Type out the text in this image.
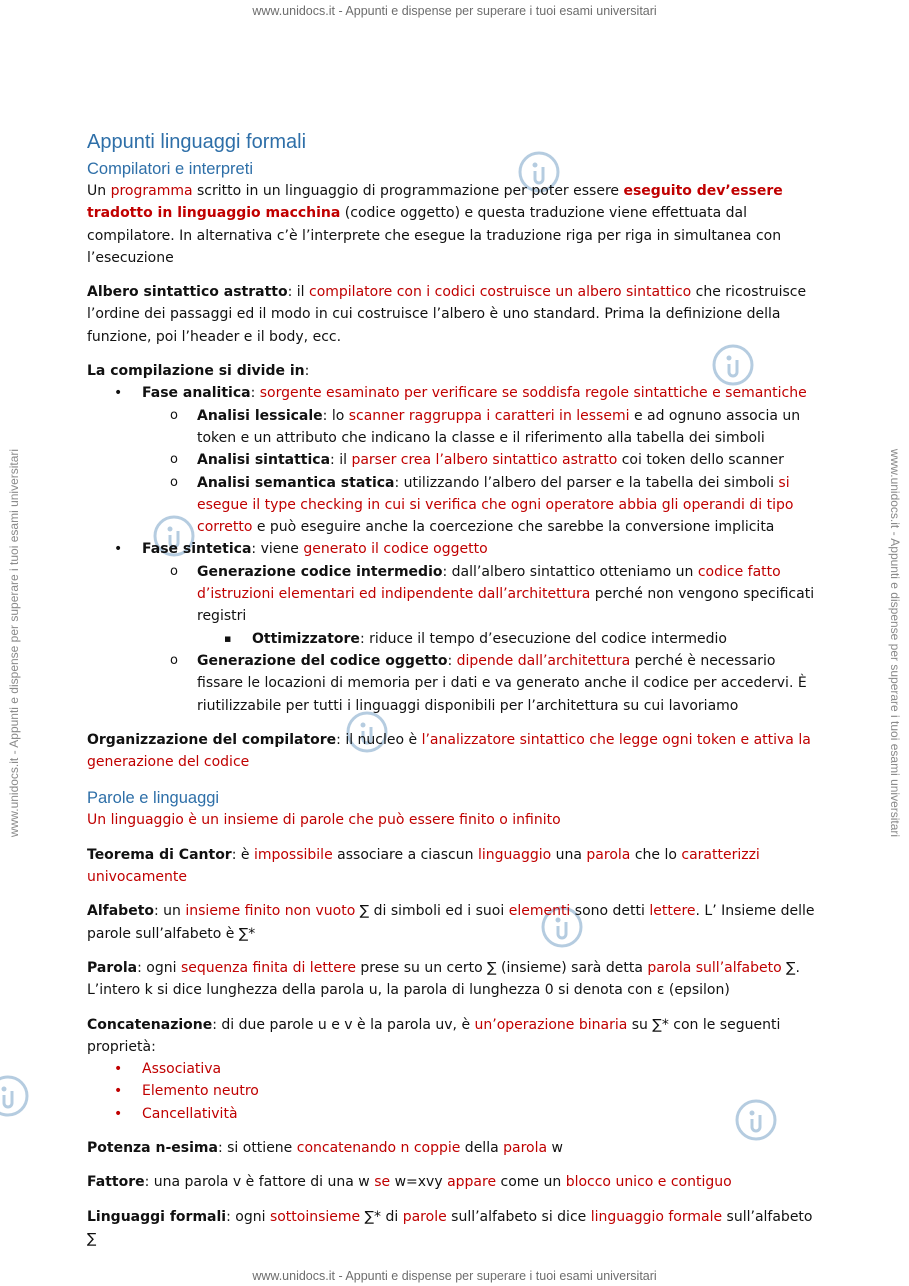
www.unidocs.it - Appunti e dispense per superare i tuoi esami universitari
www.unidocs.it - Appunti e dispense per superare i tuoi esami universitari
www.unidocs.it - Appunti e dispense per superare i tuoi esami universitari	www.unidocs.it - Appunti e dispense per superare i tuoi esami universitari
Appunti linguaggi formali
Compilatori e interpreti

Un programma scritto in un linguaggio di programmazione per poter essere eseguito dev’essere tradotto in linguaggio macchina (codice oggetto) e questa traduzione viene effettuata dal compilatore. In alternativa c’è l’interprete che esegue la traduzione riga per riga in simultanea con l’esecuzione

Albero sintattico astratto: il compilatore con i codici costruisce un albero sintattico che ricostruisce l’ordine dei passaggi ed il modo in cui costruisce l’albero è uno standard. Prima la definizione della funzione, poi l’header e il body, ecc.

La compilazione si divide in:

• Fase analitica: sorgente esaminato per verificare se soddisfa regole sintattiche e semantiche
o Analisi lessicale: lo scanner raggruppa i caratteri in lessemi e ad ognuno associa un token e un attributo che indicano la classe e il riferimento alla tabella dei simboli
o Analisi sintattica: il parser crea l’albero sintattico astratto coi token dello scanner
o Analisi semantica statica: utilizzando l’albero del parser e la tabella dei simboli si esegue il type checking in cui si verifica che ogni operatore abbia gli operandi di tipo corretto e può eseguire anche la coercezione che sarebbe la conversione implicita
• Fase sintetica: viene generato il codice oggetto
o Generazione codice intermedio: dall’albero sintattico otteniamo un codice fatto d’istruzioni elementari ed indipendente dall’architettura perché non vengono specificati registri
▪ Ottimizzatore: riduce il tempo d’esecuzione del codice intermedio
o Generazione del codice oggetto: dipende dall’architettura perché è necessario fissare le locazioni di memoria per i dati e va generato anche il codice per accedervi. È riutilizzabile per tutti i linguaggi disponibili per l’architettura su cui lavoriamo

Organizzazione del compilatore: il nucleo è l’analizzatore sintattico che legge ogni token e attiva la generazione del codice

Parole e linguaggi

Un linguaggio è un insieme di parole che può essere finito o infinito

Teorema di Cantor: è impossibile associare a ciascun linguaggio una parola che lo caratterizzi univocamente

Alfabeto: un insieme finito non vuoto ∑ di simboli ed i suoi elementi sono detti lettere. L’ Insieme delle parole sull’alfabeto è ∑*

Parola: ogni sequenza finita di lettere prese su un certo ∑ (insieme) sarà detta parola sull’alfabeto ∑. L’intero k si dice lunghezza della parola u, la parola di lunghezza 0 si denota con ε (epsilon)

Concatenazione: di due parole u e v è la parola uv, è un’operazione binaria su ∑* con le seguenti proprietà:

• Associativa
• Elemento neutro
• Cancellatività

Potenza n-esima: si ottiene concatenando n coppie della parola w

Fattore: una parola v è fattore di una w se w=xvy appare come un blocco unico e contiguo

Linguaggi formali: ogni sottoinsieme ∑* di parole sull’alfabeto si dice linguaggio formale sull’alfabeto ∑
